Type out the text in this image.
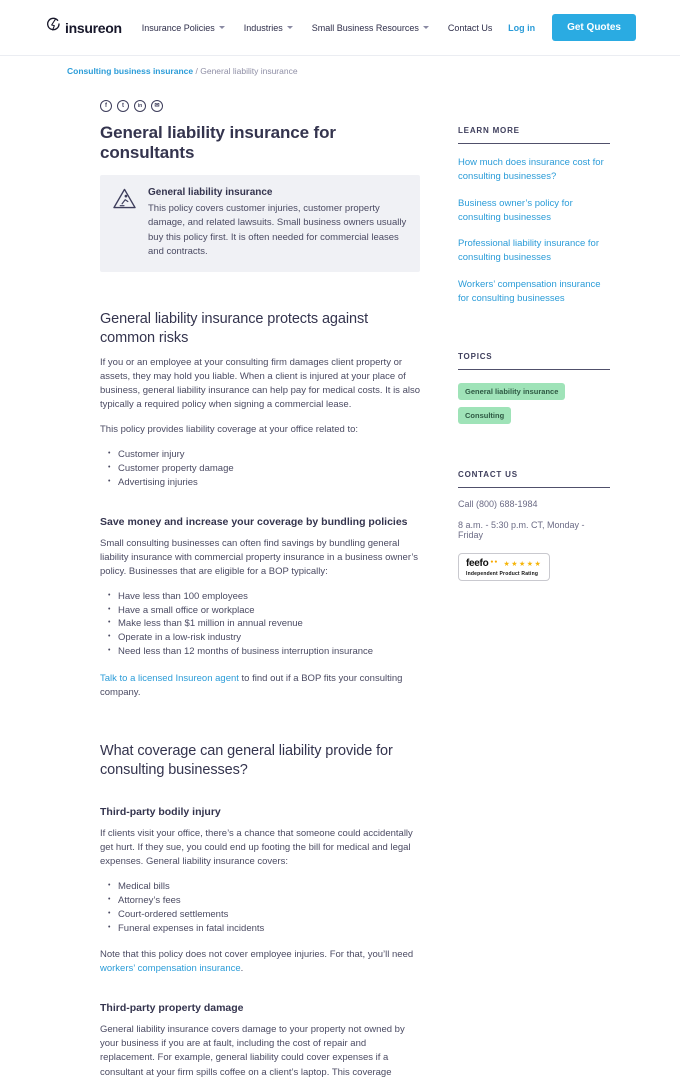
insureon Insurance Policies	Industries	Small Business Resources	Contact Us Log in	Get Quotes
Consulting business insurance / General liability insurance
f	t	in	✉
General liability insurance for consultants
General liability insurance
This policy covers customer injuries, customer property damage, and related lawsuits. Small business owners usually buy this policy first. It is often needed for commercial leases and contracts.
General liability insurance protects against common risks

If you or an employee at your consulting firm damages client property or assets, they may hold you liable. When a client is injured at your place of business, general liability insurance can help pay for medical costs. It is also typically a required policy when signing a commercial lease.

This policy provides liability coverage at your office related to:

• Customer injury
• Customer property damage
• Advertising injuries
Save money and increase your coverage by bundling policies

Small consulting businesses can often find savings by bundling general liability insurance with commercial property insurance in a business owner’s policy. Businesses that are eligible for a BOP typically:

• Have less than 100 employees
• Have a small office or workplace
• Make less than $1 million in annual revenue
• Operate in a low-risk industry
• Need less than 12 months of business interruption insurance

Talk to a licensed Insureon agent to find out if a BOP fits your consulting company.

What coverage can general liability provide for consulting businesses?
Third-party bodily injury

If clients visit your office, there’s a chance that someone could accidentally get hurt. If they sue, you could end up footing the bill for medical and legal expenses. General liability insurance covers:

• Medical bills
• Attorney’s fees
• Court-ordered settlements
• Funeral expenses in fatal incidents

Note that this policy does not cover employee injuries. For that, you’ll need workers’ compensation insurance.

Third-party property damage

General liability insurance covers damage to your property not owned by your business if you are at fault, including the cost of repair and replacement. For example, general liability could cover expenses if a consultant at your firm spills coffee on a client’s laptop. This coverage

LEARN MORE
How much does insurance cost for consulting businesses?
Business owner’s policy for consulting businesses
Professional liability insurance for consulting businesses
Workers’ compensation insurance for consulting businesses
TOPICS
General liability insurance
Consulting
CONTACT US
Call (800) 688-1984
8 a.m. - 5:30 p.m. CT, Monday - Friday
feefo ●● ★★★★★
Independent Product Rating
